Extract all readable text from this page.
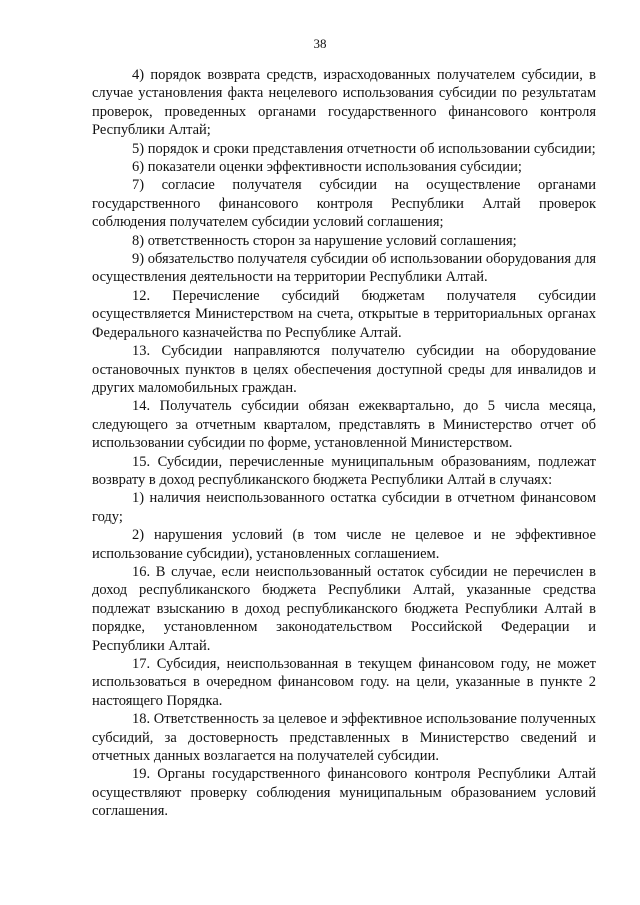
38

4) порядок возврата средств, израсходованных получателем субсидии, в случае установления факта нецелевого использования субсидии по результатам проверок, проведенных органами государственного финансового контроля Республики Алтай;

5) порядок и сроки представления отчетности об использовании субсидии;

6) показатели оценки эффективности использования субсидии;

7) согласие получателя субсидии на осуществление органами государственного финансового контроля Республики Алтай проверок соблюдения получателем субсидии условий соглашения;

8) ответственность сторон за нарушение условий соглашения;

9) обязательство получателя субсидии об использовании оборудования для осуществления деятельности на территории Республики Алтай.

12. Перечисление субсидий бюджетам получателя субсидии осуществляется Министерством на счета, открытые в территориальных органах Федерального казначейства по Республике Алтай.

13. Субсидии направляются получателю субсидии на оборудование остановочных пунктов в целях обеспечения доступной среды для инвалидов и других маломобильных граждан.

14. Получатель субсидии обязан ежеквартально, до 5 числа месяца, следующего за отчетным кварталом, представлять в Министерство отчет об использовании субсидии по форме, установленной Министерством.

15. Субсидии, перечисленные муниципальным образованиям, подлежат возврату в доход республиканского бюджета Республики Алтай в случаях:

1) наличия неиспользованного остатка субсидии в отчетном финансовом году;

2) нарушения условий (в том числе не целевое и не эффективное использование субсидии), установленных соглашением.

16. В случае, если неиспользованный остаток субсидии не перечислен в доход республиканского бюджета Республики Алтай, указанные средства подлежат взысканию в доход республиканского бюджета Республики Алтай в порядке, установленном законодательством Российской Федерации и Республики Алтай.

17. Субсидия, неиспользованная в текущем финансовом году, не может использоваться в очередном финансовом году. на цели, указанные в пункте 2 настоящего Порядка.

18. Ответственность за целевое и эффективное использование полученных субсидий, за достоверность представленных в Министерство сведений и отчетных данных возлагается на получателей субсидии.

19. Органы государственного финансового контроля Республики Алтай осуществляют проверку соблюдения муниципальным образованием условий соглашения.
